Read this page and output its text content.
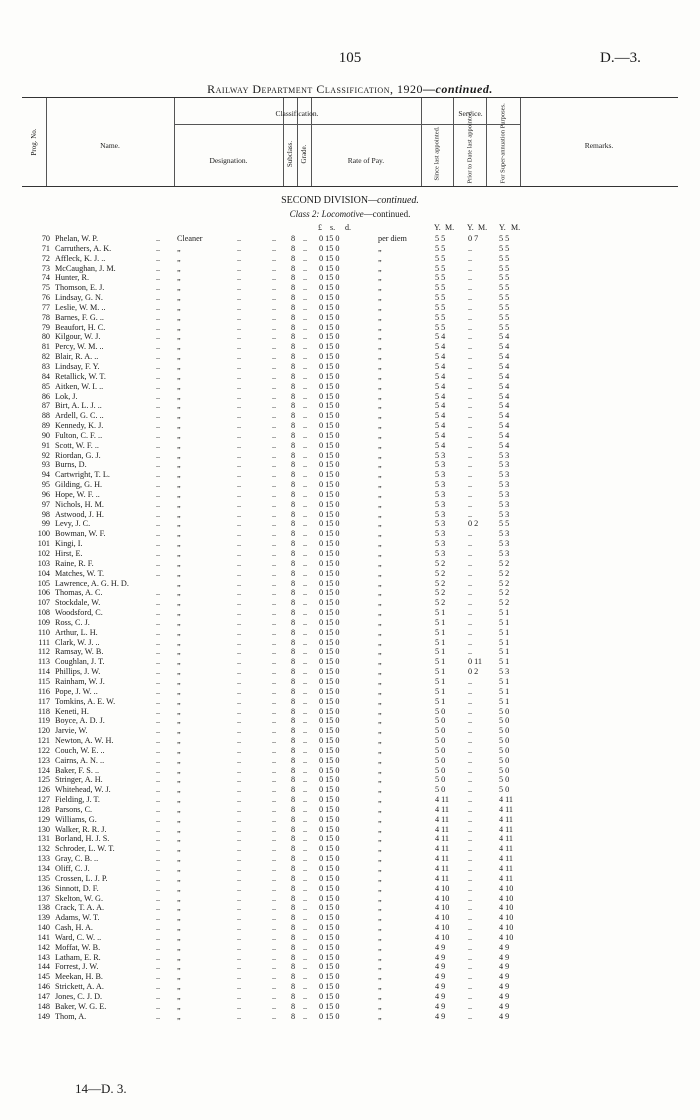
105	D.—3.
Railway Department Classification, 1920—continued.
Prog. No.	Name.
Classification.
Designation.	Subclass. Grade.	Rate of Pay.
Service.
Since last appointed.	Prior to Date last appointed.	For Super-annuation Purposes.	Remarks.
SECOND DIVISION—continued.
Class 2: Locomotive—continued.
£ s. d.	Y. M. Y. M. Y. M.
70 Phelan, W. P.	.. Cleaner	..	..	8 .. 0 15 0	per diem	5 5	0 7	5 5
71 Carruthers, A. K.	.. „	..	..	8 .. 0 15 0	„	5 5	..	5 5
72 Affleck, K. J. ..	.. „	..	..	8 .. 0 15 0	„	5 5	..	5 5
73 McCaughan, J. M.	.. „	..	..	8 .. 0 15 0	„	5 5	..	5 5
74 Hunter, R.	.. „	..	..	8 .. 0 15 0	„	5 5	..	5 5
75 Thomson, E. J.	.. „	..	..	8 .. 0 15 0	„	5 5	..	5 5
76 Lindsay, G. N.	.. „	..	..	8 .. 0 15 0	„	5 5	..	5 5
77 Leslie, W. M. ..	.. „	..	..	8 .. 0 15 0	„	5 5	..	5 5
78 Barnes, F. G. ..	.. „	..	..	8 .. 0 15 0	„	5 5	..	5 5
79 Beaufort, H. C.	.. „	..	..	8 .. 0 15 0	„	5 5	..	5 5
80 Kilgour, W. J.	.. „	..	..	8 .. 0 15 0	„	5 4	..	5 4
81 Percy, W. M. ..	.. „	..	..	8 .. 0 15 0	„	5 4	..	5 4
82 Blair, R. A. ..	.. „	..	..	8 .. 0 15 0	„	5 4	..	5 4
83 Lindsay, F. Y.	.. „	..	..	8 .. 0 15 0	„	5 4	..	5 4
84 Retallick, W. T.	.. „	..	..	8 .. 0 15 0	„	5 4	..	5 4
85 Aitken, W. I. ..	.. „	..	..	8 .. 0 15 0	„	5 4	..	5 4
86 Lok, J.	.. „	..	..	8 .. 0 15 0	„	5 4	..	5 4
87 Birt, A. L. J. ..	.. „	..	..	8 .. 0 15 0	„	5 4	..	5 4
88 Ardell, G. C. ..	.. „	..	..	8 .. 0 15 0	„	5 4	..	5 4
89 Kennedy, K. J.	.. „	..	..	8 .. 0 15 0	„	5 4	..	5 4
90 Fulton, C. F. ..	.. „	..	..	8 .. 0 15 0	„	5 4	..	5 4
91 Scott, W. F. ..	.. „	..	..	8 .. 0 15 0	„	5 4	..	5 4
92 Riordan, G. J.	.. „	..	..	8 .. 0 15 0	„	5 3	..	5 3
93 Burns, D.	.. „	..	..	8 .. 0 15 0	„	5 3	..	5 3
94 Cartwright, T. L.	.. „	..	..	8 .. 0 15 0	„	5 3	..	5 3
95 Gilding, G. H.	.. „	..	..	8 .. 0 15 0	„	5 3	..	5 3
96 Hope, W. F. ..	.. „	..	..	8 .. 0 15 0	„	5 3	..	5 3
97 Nichols, H. M.	.. „	..	..	8 .. 0 15 0	„	5 3	..	5 3
98 Astwood, J. H.	.. „	..	..	8 .. 0 15 0	„	5 3	..	5 3
99 Levy, J. C.	.. „	..	..	8 .. 0 15 0	„	5 3	0 2	5 5
100 Bowman, W. F.	.. „	..	..	8 .. 0 15 0	„	5 3	..	5 3
101 Kingi, I.	.. „	..	..	8 .. 0 15 0	„	5 3	..	5 3
102 Hirst, E.	.. „	..	..	8 .. 0 15 0	„	5 3	..	5 3
103 Raine, R. F.	.. „	..	..	8 .. 0 15 0	„	5 2	..	5 2
104 Matches, W. T.	.. „	..	..	8 .. 0 15 0	„	5 2	..	5 2
105 Lawrence, A. G. H. D.	„	..	..	8 .. 0 15 0	„	5 2	..	5 2
106 Thomas, A. C.	.. „	..	..	8 .. 0 15 0	„	5 2	..	5 2
107 Stockdale, W.	.. „	..	..	8 .. 0 15 0	„	5 2	..	5 2
108 Woodsford, C.	.. „	..	..	8 .. 0 15 0	„	5 1	..	5 1
109 Ross, C. J.	.. „	..	..	8 .. 0 15 0	„	5 1	..	5 1
110 Arthur, L. H.	.. „	..	..	8 .. 0 15 0	„	5 1	..	5 1
111 Clark, W. J. ..	.. „	..	..	8 .. 0 15 0	„	5 1	..	5 1
112 Ramsay, W. B.	.. „	..	..	8 .. 0 15 0	„	5 1	..	5 1
113 Coughlan, J. T.	.. „	..	..	8 .. 0 15 0	„	5 1	0 11 5 1
114 Phillips, J. W.	.. „	..	..	8 .. 0 15 0	„	5 1	0 2	5 3
115 Rainham, W. J.	.. „	..	..	8 .. 0 15 0	„	5 1	..	5 1
116 Pope, J. W. ..	.. „	..	..	8 .. 0 15 0	„	5 1	..	5 1
117 Tomkins, A. E. W.	.. „	..	..	8 .. 0 15 0	„	5 1	..	5 1
118 Keneti, H.	.. „	..	..	8 .. 0 15 0	„	5 0	..	5 0
119 Boyce, A. D. J.	.. „	..	..	8 .. 0 15 0	„	5 0	..	5 0
120 Jarvie, W.	.. „	..	..	8 .. 0 15 0	„	5 0	..	5 0
121 Newton, A. W. H.	.. „	..	..	8 .. 0 15 0	„	5 0	..	5 0
122 Couch, W. E. ..	.. „	..	..	8 .. 0 15 0	„	5 0	..	5 0
123 Cairns, A. N. ..	.. „	..	..	8 .. 0 15 0	„	5 0	..	5 0
124 Baker, F. S. ..	.. „	..	..	8 .. 0 15 0	„	5 0	..	5 0
125 Stringer, A. H.	.. „	..	..	8 .. 0 15 0	„	5 0	..	5 0
126 Whitehead, W. J.	.. „	..	..	8 .. 0 15 0	„	5 0	..	5 0
127 Fielding, J. T.	.. „	..	..	8 .. 0 15 0	„	4 11 ..	4 11
128 Parsons, C.	.. „	..	..	8 .. 0 15 0	„	4 11 ..	4 11
129 Williams, G.	.. „	..	..	8 .. 0 15 0	„	4 11 ..	4 11
130 Walker, R. R. J.	.. „	..	..	8 .. 0 15 0	„	4 11 ..	4 11
131 Borland, H. J. S.	.. „	..	..	8 .. 0 15 0	„	4 11 ..	4 11
132 Schroder, L. W. T.	.. „	..	..	8 .. 0 15 0	„	4 11 ..	4 11
133 Gray, C. B. ..	.. „	..	..	8 .. 0 15 0	„	4 11 ..	4 11
134 Oliff, C. J.	.. „	..	..	8 .. 0 15 0	„	4 11 ..	4 11
135 Crossen, L. J. P.	.. „	..	..	8 .. 0 15 0	„	4 11 ..	4 11
136 Sinnott, D. F.	.. „	..	..	8 .. 0 15 0	„	4 10 ..	4 10
137 Skelton, W. G.	.. „	..	..	8 .. 0 15 0	„	4 10 ..	4 10
138 Crack, T. A. A.	.. „	..	..	8 .. 0 15 0	„	4 10 ..	4 10
139 Adams, W. T.	.. „	..	..	8 .. 0 15 0	„	4 10 ..	4 10
140 Cash, H. A.	.. „	..	..	8 .. 0 15 0	„	4 10 ..	4 10
141 Ward, C. W. ..	.. „	..	..	8 .. 0 15 0	„	4 10 ..	4 10
142 Moffat, W. B.	.. „	..	..	8 .. 0 15 0	„	4 9	..	4 9
143 Latham, E. R.	.. „	..	..	8 .. 0 15 0	„	4 9	..	4 9
144 Forrest, J. W.	.. „	..	..	8 .. 0 15 0	„	4 9	..	4 9
145 Meekan, H. B.	.. „	..	..	8 .. 0 15 0	„	4 9	..	4 9
146 Strickett, A. A.	.. „	..	..	8 .. 0 15 0	„	4 9	..	4 9
147 Jones, C. J. D.	.. „	..	..	8 .. 0 15 0	„	4 9	..	4 9
148 Baker, W. G. E.	.. „	..	..	8 .. 0 15 0	„	4 9	..	4 9
149 Thom, A.	.. „	..	..	8 .. 0 15 0	„	4 9	..	4 9
14—D. 3.
